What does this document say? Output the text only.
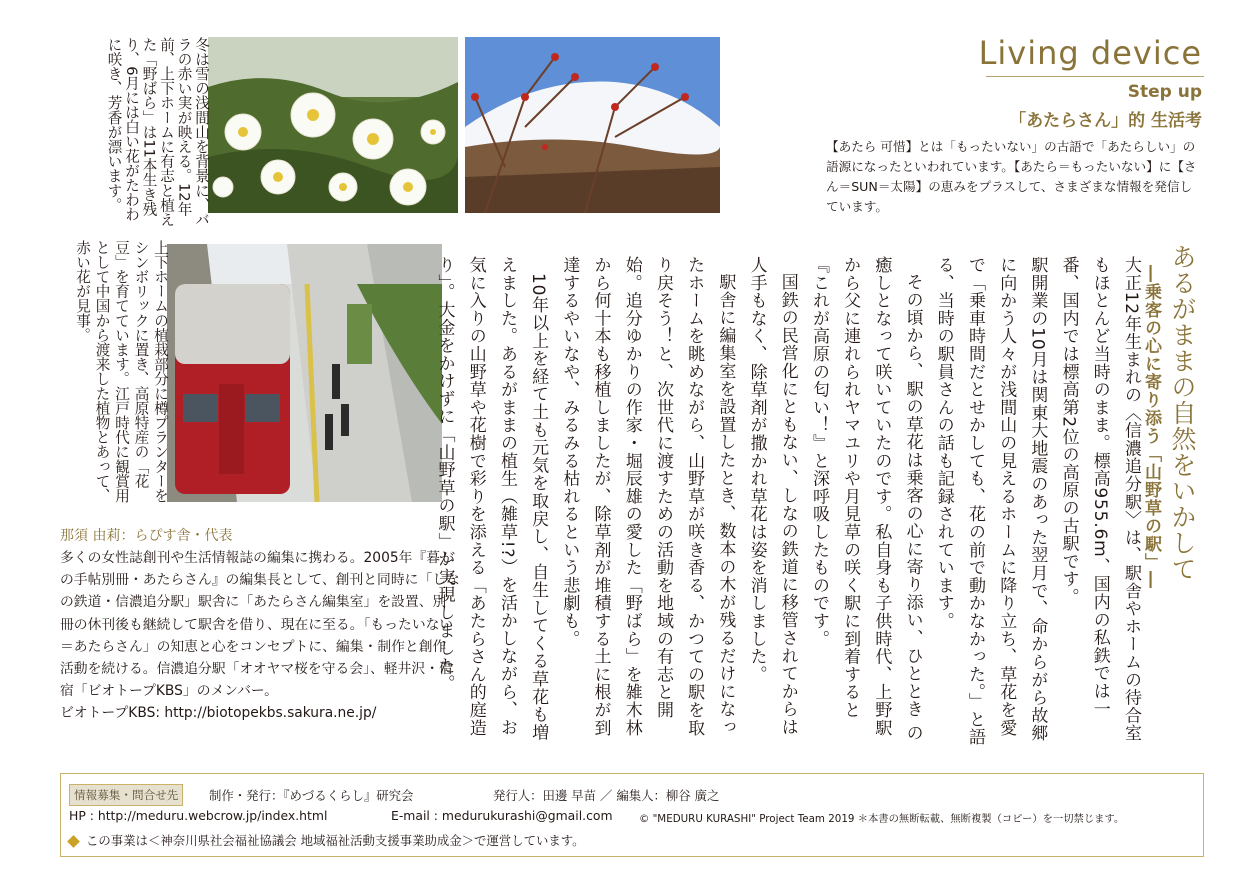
Living device
Step up
「あたらさん」的 生活考
【あたら 可惜】とは「もったいない」の古語で「あたらしい」の語源になったといわれています。【あたら＝もったいない】に【さん＝SUN＝太陽】の恵みをプラスして、さまざまな情報を発信しています。
冬は雪の浅間山を背景に、バラの赤い実が映える。12年前、上下ホームに有志と植えた「野ばら」は11本生き残り、6月には白い花がたわわに咲き、芳香が漂います。
上下ホームの植栽部分に樽プランターをシンボリックに置き、高原特産の「花豆」を育てています。江戸時代に観賞用として中国から渡来した植物とあって、赤い花が見事。	あるがままの自然をいかして
―乗客の心に寄り添う「山野草の駅」―

大正12年生まれの〈信濃追分駅〉は、駅舎やホームの待合室もほとんど当時のまま。標高955.6m、国内の私鉄では一番、国内では標高第2位の高原の古駅です。

駅開業の10月は関東大地震のあった翌月で、命からがら故郷に向かう人々が浅間山の見えるホームに降り立ち、草花を愛で「乗車時間だとせかしても、花の前で動かなかった。」と語る、当時の駅員さんの話も記録されています。

その頃から、駅の草花は乗客の心に寄り添い、ひととき の癒しとなって咲いていたのです。私自身も子供時代、上野駅から父に連れられヤマユリや月見草の咲く駅に到着すると『これが高原の匂い！』と深呼吸したものです。

国鉄の民営化にともない、しなの鉄道に移管されてからは人手もなく、除草剤が撒かれ草花は姿を消しました。

駅舎に編集室を設置したとき、数本の木が残るだけになったホームを眺めながら、山野草が咲き香る、かつての駅を取り戻そう！と、次世代に渡すための活動を地域の有志と開始。追分ゆかりの作家・堀辰雄の愛した「野ばら」を雑木林から何十本も移植しましたが、除草剤が堆積する土に根が到達するやいなや、みるみる枯れるという悲劇も。

10年以上を経て土も元気を取戻し、自生してくる草花も増えました。あるがままの植生（雑草!?）を活かしながら、お気に入りの山野草や花樹で彩りを添える「あたらさん的庭造り」。大金をかけずに「山野草の駅」が実現しました。

那須 由莉：らぴす舎・代表
多くの女性誌創刊や生活情報誌の編集に携わる。2005年『暮しの手帖別冊・あたらさん』の編集長として、創刊と同時に「しなの鉄道・信濃追分駅」駅舎に「あたらさん編集室」を設置、別冊の休刊後も継続して駅舎を借り、現在に至る。「もったいない＝あたらさん」の知恵と心をコンセプトに、編集・制作と創作活動を続ける。信濃追分駅「オオヤマ桜を守る会」、軽井沢・借宿「ビオトープKBS」のメンバー。
ビオトープKBS: http://biotopekbs.sakura.ne.jp/
情報募集・問合せ先	制作・発行：『めづるくらし』研究会	発行人：田邊 早苗 ／ 編集人：柳谷 廣之
HP : http://meduru.webcrow.jp/index.html	E-mail : medurukurashi@gmail.com	© "MEDURU KURASHI" Project Team 2019 ＊本書の無断転載、無断複製（コピー）を一切禁じます。
この事業は＜神奈川県社会福祉協議会 地域福祉活動支援事業助成金＞で運営しています。
